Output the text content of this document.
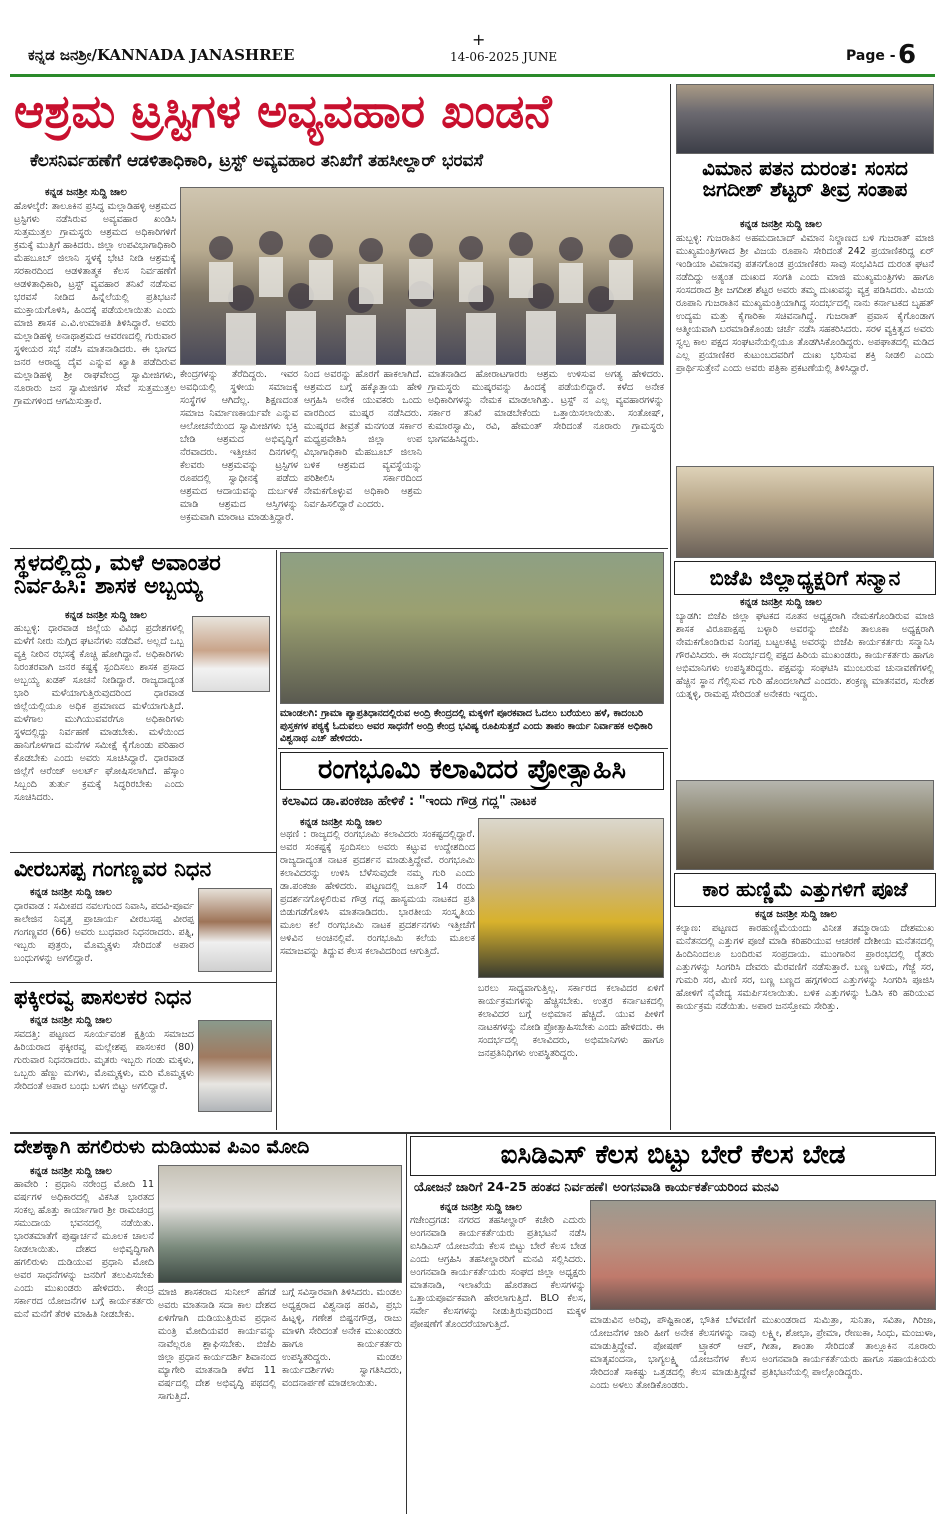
ಕನ್ನಡ ಜನಶ್ರೀ/KANNADA JANASHREE
+
14-06-2025 JUNE	Page - 6
ಆಶ್ರಮ ಟ್ರಸ್ಟಿಗಳ ಅವ್ಯವಹಾರ ಖಂಡನೆ
ಕೆಲಸನಿರ್ವಹಣೆಗೆ ಆಡಳಿತಾಧಿಕಾರಿ, ಟ್ರಸ್ಟ್ ಅವ್ಯವಹಾರ ತನಿಖೆಗೆ ತಹಸೀಲ್ದಾರ್ ಭರವಸೆ
ಕನ್ನಡ ಜನಶ್ರೀ ಸುದ್ದಿ ಜಾಲ
ಹೊಳಲ್ಕೆರೆ: ತಾಲೂಕಿನ ಪ್ರಸಿದ್ಧ ಮಲ್ಲಾಡಿಹಳ್ಳಿ ಆಶ್ರಮದ ಟ್ರಸ್ಟಿಗಳು ನಡೆಸಿರುವ ಅವ್ಯವಹಾರ ಖಂಡಿಸಿ ಸುತ್ತಮುತ್ತಲ ಗ್ರಾಮಸ್ಥರು ಆಶ್ರಮದ ಅಧಿಕಾರಿಗಳಿಗೆ ಕ್ರಮಕ್ಕೆ ಮುತ್ತಿಗೆ ಹಾಕಿದರು. ಜಿಲ್ಲಾ ಉಪವಿಭಾಗಾಧಿಕಾರಿ ಮೆಹಬೂಬ್ ಜಿಲಾನಿ ಸ್ಥಳಕ್ಕೆ ಭೇಟಿ ನೀಡಿ ಆಶ್ರಮಕ್ಕೆ ಸರಕಾರದಿಂದ ಆಡಳಿತಾತ್ಮಕ ಕೆಲಸ ನಿರ್ವಹಣೆಗೆ ಆಡಳಿತಾಧಿಕಾರಿ, ಟ್ರಸ್ಟ್ ವ್ಯವಹಾರ ತನಿಖೆ ನಡೆಸುವ ಭರವಸೆ ನೀಡಿದ ಹಿನ್ನೆಲೆಯಲ್ಲಿ ಪ್ರತಿಭಟನೆ ಮುಕ್ತಾಯಗೊಳಿಸಿ, ಹಿಂದಕ್ಕೆ ಪಡೆಯಲಾಯಿತು ಎಂದು ಮಾಜಿ ಶಾಸಕ ಎ.ವಿ.ಉಮಾಪತಿ ತಿಳಿಸಿದ್ದಾರೆ. ಅವರು ಮಲ್ಲಾಡಿಹಳ್ಳಿ ಅನಾಥಾಶ್ರಮದ ಆವರಣದಲ್ಲಿ ಗುರುವಾರ ಸ್ಥಳೀಯರ ಸಭೆ ನಡೆಸಿ ಮಾತನಾಡಿದರು. ಈ ಭಾಗದ ಜನರ ಆರಾಧ್ಯ ದೈವ ಎನ್ನುವ ಖ್ಯಾತಿ ಪಡೆದಿರುವ ಮಲ್ಲಾಡಿಹಳ್ಳಿ ಶ್ರೀ ರಾಘವೇಂದ್ರ ಸ್ವಾಮೀಜಿಗಳು, ನೂರಾರು ಜನ ಸ್ವಾಮೀಜಿಗಳ ಸೇವೆ ಸುತ್ತಮುತ್ತಲ ಗ್ರಾಮಗಳಿಂದ ಆಗಮಿಸುತ್ತಾರೆ.
ಕೇಂದ್ರಗಳನ್ನು ತೆರೆದಿದ್ದರು. ಇವರ ಅವಧಿಯಲ್ಲಿ ಸ್ಥಳೀಯ ಸಮಾಜಕ್ಕೆ ಸಂಸ್ಥೆಗಳ ಆಗಿದೆಲ್ಲ. ಶಿಕ್ಷಣದಂತ ಸಮಾಜ ನಿರ್ಮಾಣಕಾರ್ಯವೇ ಎನ್ನುವ ಆಲೋಚನೆಯಿಂದ ಸ್ವಾಮೀಜಿಗಳು ಭಕ್ತಿ ಬೇಡಿ ಆಶ್ರಮದ ಅಭಿವೃದ್ಧಿಗೆ ನೆರವಾದರು. ಇತ್ತೀಚಿನ ದಿನಗಳಲ್ಲಿ ಕೆಲವರು ಆಶ್ರಮವನ್ನು ಟ್ರಸ್ಟಿಗಳ ರೂಪದಲ್ಲಿ ಸ್ವಾಧೀನಕ್ಕೆ ಪಡೆದು ಆಶ್ರಮದ ಆದಾಯವನ್ನು ದುರ್ಬಳಕೆ ಮಾಡಿ ಆಶ್ರಮದ ಆಸ್ತಿಗಳನ್ನು ಅಕ್ರಮವಾಗಿ ಮಾರಾಟ ಮಾಡುತ್ತಿದ್ದಾರೆ.
ನಿಂದ ಅವರನ್ನು ಹೊರಗೆ ಹಾಕಲಾಗಿದೆ. ಆಶ್ರಮದ ಬಗ್ಗೆ ಹಕ್ಕೊತ್ತಾಯ ಹೇಳಿ ಆಗ್ರಹಿಸಿ ಅನೇಕ ಯುವಕರು ಒಂದು ವಾರದಿಂದ ಮುಷ್ಕರ ನಡೆಸಿದರು. ಮುಷ್ಕರದ ತೀವ್ರತೆ ಮನಗಂಡ ಸರ್ಕಾರ ಮಧ್ಯಪ್ರವೇಶಿಸಿ ಜಿಲ್ಲಾ ಉಪ ವಿಭಾಗಾಧಿಕಾರಿ ಮೆಹಬೂಬ್ ಜಿಲಾನಿ ಬಳಿಕ ಆಶ್ರಮದ ವ್ಯವಸ್ಥೆಯನ್ನು ಪರಿಶೀಲಿಸಿ ಸರ್ಕಾರದಿಂದ ನೇಮಕಗೊಳ್ಳುವ ಅಧಿಕಾರಿ ಆಶ್ರಮ ನಿರ್ವಹಿಸಲಿದ್ದಾರೆ ಎಂದರು.
ಮಾತನಾಡಿದ ಹೋರಾಟಗಾರರು ಆಶ್ರಮ ಉಳಿಸುವ ಅಗತ್ಯ ಹೇಳಿದರು. ಗ್ರಾಮಸ್ಥರು ಮುಷ್ಕರವನ್ನು ಹಿಂದಕ್ಕೆ ಪಡೆಯಲಿದ್ದಾರೆ. ಕಳೆದ ಅನೇಕ ಅಧಿಕಾರಿಗಳನ್ನು ನೇಮಕ ಮಾಡಲಾಗಿತ್ತು. ಟ್ರಸ್ಟ್ ನ ಎಲ್ಲ ವ್ಯವಹಾರಗಳನ್ನು ಸರ್ಕಾರ ತನಿಖೆ ಮಾಡಬೇಕೆಂದು ಒತ್ತಾಯಿಸಲಾಯಿತು. ಸಂತೋಷ್, ಕುಮಾರಸ್ವಾಮಿ, ರವಿ, ಹೇಮಂತ್ ಸೇರಿದಂತೆ ನೂರಾರು ಗ್ರಾಮಸ್ಥರು ಭಾಗವಹಿಸಿದ್ದರು.
ವಿಮಾನ ಪತನ ದುರಂತ: ಸಂಸದ ಜಗದೀಶ್ ಶೆಟ್ಟರ್ ತೀವ್ರ ಸಂತಾಪ
ಕನ್ನಡ ಜನಶ್ರೀ ಸುದ್ದಿ ಜಾಲ
ಹುಬ್ಬಳ್ಳಿ: ಗುಜರಾತಿನ ಅಹಮದಾಬಾದ್ ವಿಮಾನ ನಿಲ್ದಾಣದ ಬಳಿ ಗುಜರಾತ್ ಮಾಜಿ ಮುಖ್ಯಮಂತ್ರಿಗಳಾದ ಶ್ರೀ ವಿಜಯ ರೂಪಾನಿ ಸೇರಿದಂತೆ 242 ಪ್ರಯಾಣಿಕರಿದ್ದ ಏರ್ ಇಂಡಿಯಾ ವಿಮಾನವು ಪತನಗೊಂಡ ಪ್ರಯಾಣಿಕರು ಸಾವು ಸಂಭವಿಸಿದ ದುರಂತ ಘಟನೆ ನಡೆದಿದ್ದು ಅತ್ಯಂತ ದುಃಖದ ಸಂಗತಿ ಎಂದು ಮಾಜಿ ಮುಖ್ಯಮಂತ್ರಿಗಳು ಹಾಗೂ ಸಂಸದರಾದ ಶ್ರೀ ಜಗದೀಶ ಶೆಟ್ಟರ ಅವರು ತಮ್ಮ ದುಃಖವನ್ನು ವ್ಯಕ್ತ ಪಡಿಸಿದರು. ವಿಜಯ ರೂಪಾನಿ ಗುಜರಾತಿನ ಮುಖ್ಯಮಂತ್ರಿಯಾಗಿದ್ದ ಸಂದರ್ಭದಲ್ಲಿ ನಾನು ಕರ್ನಾಟಕದ ಬೃಹತ್ ಉದ್ಯಮ ಮತ್ತು ಕೈಗಾರಿಕಾ ಸಚಿವನಾಗಿದ್ದೆ. ಗುಜರಾತ್ ಪ್ರವಾಸ ಕೈಗೊಂಡಾಗ ಆತ್ಮೀಯವಾಗಿ ಬರಮಾಡಿಕೊಂಡು ಚರ್ಚೆ ನಡೆಸಿ ಸಹಕರಿಸಿದರು. ಸರಳ ವ್ಯಕ್ತಿತ್ವದ ಅವರು ಸ್ವಲ್ಪ ಕಾಲ ಪಕ್ಷದ ಸಂಘಟನೆಯಲ್ಲಿಯೂ ತೊಡಗಿಸಿಕೊಂಡಿದ್ದರು. ಅಪಘಾತದಲ್ಲಿ ಮಡಿದ ಎಲ್ಲ ಪ್ರಯಾಣಿಕರ ಕುಟುಂಬದವರಿಗೆ ದುಃಖ ಭರಿಸುವ ಶಕ್ತಿ ನೀಡಲಿ ಎಂದು ಪ್ರಾರ್ಥಿಸುತ್ತೇನೆ ಎಂದು ಅವರು ಪತ್ರಿಕಾ ಪ್ರಕಟಣೆಯಲ್ಲಿ ತಿಳಿಸಿದ್ದಾರೆ.
ಬಿಜೆಪಿ ಜಿಲ್ಲಾಧ್ಯಕ್ಷರಿಗೆ ಸನ್ಮಾನ
ಕನ್ನಡ ಜನಶ್ರೀ ಸುದ್ದಿ ಜಾಲ
ಬ್ಯಾಡಗಿ: ಬಿಜೆಪಿ ಜಿಲ್ಲಾ ಘಟಕದ ನೂತನ ಅಧ್ಯಕ್ಷರಾಗಿ ನೇಮಕಗೊಂಡಿರುವ ಮಾಜಿ ಶಾಸಕ ವಿರೂಪಾಕ್ಷಪ್ಪ ಬಳ್ಳಾರಿ ಅವರನ್ನು ಬಿಜೆಪಿ ತಾಲೂಕಾ ಅಧ್ಯಕ್ಷರಾಗಿ ನೇಮಕಗೊಂಡಿರುವ ನಿಂಗಪ್ಪ ಬಟ್ಟಲಕಟ್ಟಿ ಅವರನ್ನು ಬಿಜೆಪಿ ಕಾರ್ಯಕರ್ತರು ಸನ್ಮಾನಿಸಿ ಗೌರವಿಸಿದರು. ಈ ಸಂದರ್ಭದಲ್ಲಿ ಪಕ್ಷದ ಹಿರಿಯ ಮುಖಂಡರು, ಕಾರ್ಯಕರ್ತರು ಹಾಗೂ ಅಭಿಮಾನಿಗಳು ಉಪಸ್ಥಿತರಿದ್ದರು. ಪಕ್ಷವನ್ನು ಸಂಘಟಿಸಿ ಮುಂಬರುವ ಚುನಾವಣೆಗಳಲ್ಲಿ ಹೆಚ್ಚಿನ ಸ್ಥಾನ ಗೆಲ್ಲಿಸುವ ಗುರಿ ಹೊಂದಲಾಗಿದೆ ಎಂದರು. ಶಂಕ್ರಣ್ಣ ಮಾತನವರ, ಸುರೇಶ ಯತ್ನಳ್ಳಿ, ರಾಮಪ್ಪ ಸೇರಿದಂತೆ ಅನೇಕರು ಇದ್ದರು.
ಕಾರ ಹುಣ್ಣಿಮೆ ಎತ್ತುಗಳಿಗೆ ಪೂಜೆ
ಕನ್ನಡ ಜನಶ್ರೀ ಸುದ್ದಿ ಜಾಲ
ಕಲ್ಯಾಣ: ಪಟ್ಟಣದ ಕಾರಹುಣ್ಣಿಮೆಯಂದು ವಿನೀತ ತಮ್ಮಾರಾಯ ದೇಶಮುಖ ಮನೆತನದಲ್ಲಿ ಎತ್ತುಗಳ ಪೂಜೆ ಮಾಡಿ ಕರಿಹರಿಯುವ ಆಚರಣೆ ದೇಶೀಯ ಮನೆತನದಲ್ಲಿ ಹಿಂದಿನಿಂದಲೂ ಬಂದಿರುವ ಸಂಪ್ರದಾಯ. ಮುಂಗಾರಿನ ಪ್ರಾರಂಭದಲ್ಲಿ ರೈತರು ಎತ್ತುಗಳನ್ನು ಸಿಂಗರಿಸಿ ದೇವರು ಮೆರವಣಿಗೆ ನಡೆಸುತ್ತಾರೆ. ಬಣ್ಣ ಬಳಿದು, ಗೆಜ್ಜೆ ಸರ, ಗುಮರಿ ಸರ, ಮಿಣಿ ಸರ, ಬಣ್ಣ ಬಣ್ಣದ ಹಗ್ಗಗಳಿಂದ ಎತ್ತುಗಳನ್ನು ಸಿಂಗರಿಸಿ ಪೂಜಿಸಿ ಹೋಳಿಗೆ ನೈವೇದ್ಯ ಸಮರ್ಪಿಸಲಾಯಿತು. ಬಳಿಕ ಎತ್ತುಗಳನ್ನು ಓಡಿಸಿ ಕರಿ ಹರಿಯುವ ಕಾರ್ಯಕ್ರಮ ನಡೆಯಿತು. ಅಪಾರ ಜನಸ್ತೋಮ ಸೇರಿತ್ತು.
ಸ್ಥಳದಲ್ಲಿದ್ದು, ಮಳೆ ಅವಾಂತರ ನಿರ್ವಹಿಸಿ: ಶಾಸಕ ಅಬ್ಬಯ್ಯ
ಕನ್ನಡ ಜನಶ್ರೀ ಸುದ್ದಿ ಜಾಲ
ಹುಬ್ಬಳ್ಳಿ: ಧಾರವಾಡ ಜಿಲ್ಲೆಯ ವಿವಿಧ ಪ್ರದೇಶಗಳಲ್ಲಿ ಮಳೆಗೆ ನೀರು ನುಗ್ಗಿದ ಘಟನೆಗಳು ನಡೆದಿವೆ. ಅಲ್ಲದೆ ಒಬ್ಬ ವ್ಯಕ್ತಿ ನೀರಿನ ರಭಸಕ್ಕೆ ಕೊಚ್ಚಿ ಹೋಗಿದ್ದಾನೆ. ಅಧಿಕಾರಿಗಳು ನಿರಂತರವಾಗಿ ಜನರ ಕಷ್ಟಕ್ಕೆ ಸ್ಪಂದಿಸಲು ಶಾಸಕ ಪ್ರಸಾದ ಅಬ್ಬಯ್ಯ ಖಡಕ್ ಸೂಚನೆ ನೀಡಿದ್ದಾರೆ. ರಾಜ್ಯದಾದ್ಯಂತ ಭಾರಿ ಮಳೆಯಾಗುತ್ತಿರುವುದರಿಂದ ಧಾರವಾಡ ಜಿಲ್ಲೆಯಲ್ಲಿಯೂ ಅಧಿಕ ಪ್ರಮಾಣದ ಮಳೆಯಾಗುತ್ತಿದೆ. ಮಳೆಗಾಲ ಮುಗಿಯುವವರೆಗೂ ಅಧಿಕಾರಿಗಳು ಸ್ಥಳದಲ್ಲಿದ್ದು ನಿರ್ವಹಣೆ ಮಾಡಬೇಕು. ಮಳೆಯಿಂದ ಹಾನಿಗೊಳಗಾದ ಮನೆಗಳ ಸಮೀಕ್ಷೆ ಕೈಗೊಂಡು ಪರಿಹಾರ ಕೊಡಬೇಕು ಎಂದು ಅವರು ಸೂಚಿಸಿದ್ದಾರೆ. ಧಾರವಾಡ ಜಿಲ್ಲೆಗೆ ಆರೆಂಜ್ ಅಲರ್ಟ್ ಘೋಷಿಸಲಾಗಿದೆ. ಹೆಸ್ಕಾಂ ಸಿಬ್ಬಂದಿ ತುರ್ತು ಕ್ರಮಕ್ಕೆ ಸಿದ್ಧರಿರಬೇಕು ಎಂದು ಸೂಚಿಸಿದರು.
ಮಾಂಡಲಗಿ: ಗ್ರಾಮಾ ಪ್ಯಾಪ್ರತಿಧಾನದಲ್ಲಿರುವ ಅಂದ್ರಿ ಕೇಂದ್ರದಲ್ಲಿ ಮಕ್ಕಳಿಗೆ ಪೂರಕವಾದ ಓದಲು ಬರೆಯಲು ಹಳೆ, ಕಾದಂಬರಿ ಪುಸ್ತಕಗಳ ಪಠ್ಯಕ್ಕೆ ಓದುವಲು ಅವರ ಸಾಧನೆಗೆ ಅಂದ್ರಿ ಕೇಂದ್ರ ಭವಿಷ್ಯ ರೂಪಿಸುತ್ತದೆ ಎಂದು ತಾಪಂ ಕಾರ್ಯ ನಿರ್ವಾಹಕ ಅಧಿಕಾರಿ ವಿಶ್ವನಾಥ ಎಚ್ ಹೇಳಿದರು.
ರಂಗಭೂಮಿ ಕಲಾವಿದರ ಪ್ರೋತ್ಸಾಹಿಸಿ
ಕಲಾವಿದ ಡಾ.ಪಂಕಜಾ ಹೇಳಿಕೆ : "ಇಂದು ಗೌಡ್ರ ಗದ್ಲ" ನಾಟಕ
ಕನ್ನಡ ಜನಶ್ರೀ ಸುದ್ದಿ ಜಾಲ
ಅಥಣಿ : ರಾಜ್ಯದಲ್ಲಿ ರಂಗಭೂಮಿ ಕಲಾವಿದರು ಸಂಕಷ್ಟದಲ್ಲಿದ್ದಾರೆ. ಅವರ ಸಂಕಷ್ಟಕ್ಕೆ ಸ್ಪಂದಿಸಲು ಅವರು ಕಟ್ಟುವ ಉದ್ದೇಶದಿಂದ ರಾಜ್ಯದಾದ್ಯಂತ ನಾಟಕ ಪ್ರದರ್ಶನ ಮಾಡುತ್ತಿದ್ದೇವೆ. ರಂಗಭೂಮಿ ಕಲಾವಿದರನ್ನು ಉಳಿಸಿ ಬೆಳೆಸುವುದೇ ನಮ್ಮ ಗುರಿ ಎಂದು ಡಾ.ಪಂಕಜಾ ಹೇಳಿದರು. ಪಟ್ಟಣದಲ್ಲಿ ಜೂನ್ 14 ರಂದು ಪ್ರದರ್ಶನಗೊಳ್ಳಲಿರುವ ಗೌಡ್ರ ಗದ್ಲ ಹಾಸ್ಯಮಯ ನಾಟಕದ ಪ್ರತಿ ಬಿಡುಗಡೆಗೊಳಿಸಿ ಮಾತನಾಡಿದರು. ಭಾರತೀಯ ಸಂಸ್ಕೃತಿಯ ಮೂಲ ಕಲೆ ರಂಗಭೂಮಿ ನಾಟಕ ಪ್ರದರ್ಶನಗಳು ಇತ್ತೀಚೆಗೆ ಅಳಿವಿನ ಅಂಚಿನಲ್ಲಿವೆ. ರಂಗಭೂಮಿ ಕಲೆಯ ಮೂಲಕ ಸಮಾಜವನ್ನು ತಿದ್ದುವ ಕೆಲಸ ಕಲಾವಿದರಿಂದ ಆಗುತ್ತಿದೆ.
ಬರಲು ಸಾಧ್ಯವಾಗುತ್ತಿಲ್ಲ. ಸರ್ಕಾರದ ಕಲಾವಿದರ ಏಳಿಗೆ ಕಾರ್ಯಕ್ರಮಗಳನ್ನು ಹೆಚ್ಚಿಸಬೇಕು. ಉತ್ತರ ಕರ್ನಾಟಕದಲ್ಲಿ ಕಲಾವಿದರ ಬಗ್ಗೆ ಅಭಿಮಾನ ಹೆಚ್ಚಿದೆ. ಯುವ ಪೀಳಿಗೆ ನಾಟಕಗಳನ್ನು ನೋಡಿ ಪ್ರೋತ್ಸಾಹಿಸಬೇಕು ಎಂದು ಹೇಳಿದರು. ಈ ಸಂದರ್ಭದಲ್ಲಿ ಕಲಾವಿದರು, ಅಭಿಮಾನಿಗಳು ಹಾಗೂ ಜನಪ್ರತಿನಿಧಿಗಳು ಉಪಸ್ಥಿತರಿದ್ದರು.
ವೀರಬಸಪ್ಪ ಗಂಗಣ್ಣವರ ನಿಧನ
ಕನ್ನಡ ಜನಶ್ರೀ ಸುದ್ದಿ ಜಾಲ
ಧಾರವಾಡ : ಸಮೀಪದ ನವಲಗುಂದ ನಿವಾಸಿ, ಪದವಿ-ಪೂರ್ವ ಕಾಲೇಜಿನ ನಿವೃತ್ತ ಪ್ರಾಚಾರ್ಯ ವೀರಬಸಪ್ಪ ವೀರಪ್ಪ ಗಂಗಣ್ಣವರ (66) ಅವರು ಬುಧವಾರ ನಿಧನರಾದರು. ಪತ್ನಿ, ಇಬ್ಬರು ಪುತ್ರರು, ಮೊಮ್ಮಕ್ಕಳು ಸೇರಿದಂತೆ ಅಪಾರ ಬಂಧುಗಳನ್ನು ಅಗಲಿದ್ದಾರೆ.
ಫಕ್ಕೀರವ್ವ ಪಾಸಲಕರ ನಿಧನ
ಕನ್ನಡ ಜನಶ್ರೀ ಸುದ್ದಿ ಜಾಲ
ಸವದತ್ತಿ: ಪಟ್ಟಣದ ಸೂರ್ಯವಂಶ ಕ್ಷತ್ರಿಯ ಸಮಾಜದ ಹಿರಿಯರಾದ ಫಕ್ಕೀರವ್ವ ಮಲ್ಲೇಶಪ್ಪ ಪಾಸಲಕರ (80) ಗುರುವಾರ ನಿಧನರಾದರು. ಮೃತರು ಇಬ್ಬರು ಗಂಡು ಮಕ್ಕಳು, ಒಬ್ಬರು ಹೆಣ್ಣು ಮಗಳು, ಮೊಮ್ಮಕ್ಕಳು, ಮರಿ ಮೊಮ್ಮಕ್ಕಳು ಸೇರಿದಂತೆ ಅಪಾರ ಬಂಧು ಬಳಗ ಬಿಟ್ಟು ಅಗಲಿದ್ದಾರೆ.
ದೇಶಕ್ಕಾಗಿ ಹಗಲಿರುಳು ದುಡಿಯುವ ಪಿಎಂ ಮೋದಿ
ಕನ್ನಡ ಜನಶ್ರೀ ಸುದ್ದಿ ಜಾಲ
ಹಾವೇರಿ : ಪ್ರಧಾನಿ ನರೇಂದ್ರ ಮೋದಿ 11 ವರ್ಷಗಳ ಅಧಿಕಾರದಲ್ಲಿ ವಿಕಸಿತ ಭಾರತದ ಸಂಕಲ್ಪ ಹೊತ್ತು ಕಾರ್ಯಾಗಾರ ಶ್ರೀ ರಾಮಚಂದ್ರ ಸಮುದಾಯ ಭವನದಲ್ಲಿ ನಡೆಯಿತು. ಭಾರತಮಾತೆಗೆ ಪುಷ್ಪಾರ್ಚನೆ ಮೂಲಕ ಚಾಲನೆ ನೀಡಲಾಯಿತು. ದೇಶದ ಅಭಿವೃದ್ಧಿಗಾಗಿ ಹಗಲಿರುಳು ದುಡಿಯುವ ಪ್ರಧಾನಿ ಮೋದಿ ಅವರ ಸಾಧನೆಗಳನ್ನು ಜನರಿಗೆ ತಲುಪಿಸಬೇಕು ಎಂದು ಮುಖಂಡರು ಹೇಳಿದರು. ಕೇಂದ್ರ ಸರ್ಕಾರದ ಯೋಜನೆಗಳ ಬಗ್ಗೆ ಕಾರ್ಯಕರ್ತರು ಮನೆ ಮನೆಗೆ ತೆರಳಿ ಮಾಹಿತಿ ನೀಡಬೇಕು.
ಮಾಜಿ ಶಾಸಕರಾದ ಸುನೀಲ್ ಹೆಗಡೆ ಅವರು ಮಾತನಾಡಿ ಸದಾ ಕಾಲ ದೇಶದ ಏಳಿಗೆಗಾಗಿ ದುಡಿಯುತ್ತಿರುವ ಪ್ರಧಾನ ಮಂತ್ರಿ ಮೋದಿಯವರ ಕಾರ್ಯವನ್ನು ನಾವೆಲ್ಲರೂ ಶ್ಲಾಘಿಸಬೇಕು. ಬಿಜೆಪಿ ಜಿಲ್ಲಾ ಪ್ರಧಾನ ಕಾರ್ಯದರ್ಶಿ ಶಿವಾನಂದ ಮ್ಯಾಗೇರಿ ಮಾತನಾಡಿ ಕಳೆದ 11 ವರ್ಷದಲ್ಲಿ ದೇಶ ಅಭಿವೃದ್ಧಿ ಪಥದಲ್ಲಿ ಸಾಗುತ್ತಿದೆ.
ಬಗ್ಗೆ ಸವಿಸ್ತಾರವಾಗಿ ತಿಳಿಸಿದರು. ಮಂಡಲ ಅಧ್ಯಕ್ಷರಾದ ವಿಶ್ವನಾಥ ಹರವಿ, ಪ್ರಭು ಹಿಟ್ನಳ್ಳಿ, ಗಣೇಶ ಬಿಷ್ಟನಗೌಡ್ರ, ರಾಜು ಮಾಳಗಿ ಸೇರಿದಂತೆ ಅನೇಕ ಮುಖಂಡರು ಹಾಗೂ ಕಾರ್ಯಕರ್ತರು ಉಪಸ್ಥಿತರಿದ್ದರು. ಮಂಡಲ ಕಾರ್ಯದರ್ಶಿಗಳು ಸ್ವಾಗತಿಸಿದರು, ವಂದನಾರ್ಪಣೆ ಮಾಡಲಾಯಿತು.
ಐಸಿಡಿಎಸ್ ಕೆಲಸ ಬಿಟ್ಟು ಬೇರೆ ಕೆಲಸ ಬೇಡ
ಯೋಜನೆ ಜಾರಿಗೆ 24-25 ಹಂತದ ನಿರ್ವಹಣೆ। ಅಂಗನವಾಡಿ ಕಾರ್ಯಕರ್ತೆಯರಿಂದ ಮನವಿ
ಕನ್ನಡ ಜನಶ್ರೀ ಸುದ್ದಿ ಜಾಲ
ಗಜೇಂದ್ರಗಡ: ನಗರದ ತಹಸೀಲ್ದಾರ್ ಕಚೇರಿ ಎದುರು ಅಂಗನವಾಡಿ ಕಾರ್ಯಕರ್ತೆಯರು ಪ್ರತಿಭಟನೆ ನಡೆಸಿ ಐಸಿಡಿಎಸ್ ಯೋಜನೆಯ ಕೆಲಸ ಬಿಟ್ಟು ಬೇರೆ ಕೆಲಸ ಬೇಡ ಎಂದು ಆಗ್ರಹಿಸಿ ತಹಸೀಲ್ದಾರರಿಗೆ ಮನವಿ ಸಲ್ಲಿಸಿದರು. ಅಂಗನವಾಡಿ ಕಾರ್ಯಕರ್ತೆಯರು ಸಂಘದ ಜಿಲ್ಲಾ ಅಧ್ಯಕ್ಷರು ಮಾತನಾಡಿ, ಇಲಾಖೆಯ ಹೊರತಾದ ಕೆಲಸಗಳನ್ನು ಒತ್ತಾಯಪೂರ್ವಕವಾಗಿ ಹೇರಲಾಗುತ್ತಿದೆ. BLO ಕೆಲಸ, ಸರ್ವೇ ಕೆಲಸಗಳನ್ನು ನೀಡುತ್ತಿರುವುದರಿಂದ ಮಕ್ಕಳ ಪೋಷಣೆಗೆ ತೊಂದರೆಯಾಗುತ್ತಿದೆ.	ಮಾಡುವಿನ ಅರಿವು, ಪೌಷ್ಟಿಕಾಂಶ, ಭೌತಿಕ ಬೆಳವಣಿಗೆ ಯೋಜನೆಗಳ ಜಾರಿ ಹೀಗೆ ಅನೇಕ ಕೆಲಸಗಳನ್ನು ನಾವು ಮಾಡುತ್ತಿದ್ದೇವೆ. ಪೋಷಣ್ ಟ್ರ್ಯಾಕರ್ ಆಪ್, ಮಾತೃವಂದನಾ, ಭಾಗ್ಯಲಕ್ಷ್ಮಿ ಯೋಜನೆಗಳ ಕೆಲಸ ಸೇರಿದಂತೆ ಸಾಕಷ್ಟು ಒತ್ತಡದಲ್ಲಿ ಕೆಲಸ ಮಾಡುತ್ತಿದ್ದೇವೆ ಎಂದು ಅಳಲು ತೋಡಿಕೊಂಡರು.
ಮುಖಂಡರಾದ ಸುಮಿತ್ರಾ, ಸುನಿತಾ, ಸವಿತಾ, ಗಿರಿಜಾ, ಲಕ್ಷ್ಮೀ, ಶೋಭಾ, ಪ್ರೇಮಾ, ರೇಣುಕಾ, ಸಿಂಧು, ಮಂಜುಳಾ, ಗೀತಾ, ಶಾಂತಾ ಸೇರಿದಂತೆ ತಾಲ್ಲೂಕಿನ ನೂರಾರು ಅಂಗನವಾಡಿ ಕಾರ್ಯಕರ್ತೆಯರು ಹಾಗೂ ಸಹಾಯಕಿಯರು ಪ್ರತಿಭಟನೆಯಲ್ಲಿ ಪಾಲ್ಗೊಂಡಿದ್ದರು.
